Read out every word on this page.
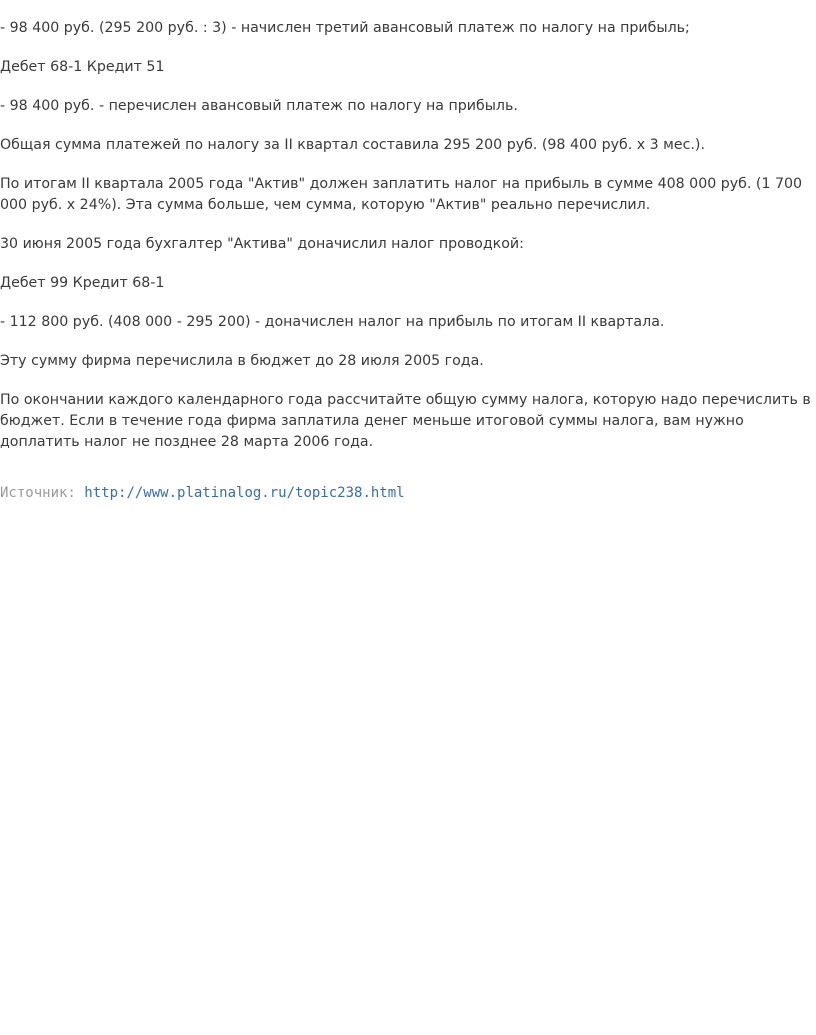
- 98 400 руб. (295 200 руб. : 3) - начислен третий авансовый платеж по налогу на прибыль;

Дебет 68-1 Кредит 51

- 98 400 руб. - перечислен авансовый платеж по налогу на прибыль.

Общая сумма платежей по налогу за II квартал составила 295 200 руб. (98 400 руб. x 3 мес.).

По итогам II квартала 2005 года "Актив" должен заплатить налог на прибыль в сумме 408 000 руб. (1 700 000 руб. x 24%). Эта сумма больше, чем сумма, которую "Актив" реально перечислил.

30 июня 2005 года бухгалтер "Актива" доначислил налог проводкой:

Дебет 99 Кредит 68-1

- 112 800 руб. (408 000 - 295 200) - доначислен налог на прибыль по итогам II квартала.

Эту сумму фирма перечислила в бюджет до 28 июля 2005 года.

По окончании каждого календарного года рассчитайте общую сумму налога, которую надо перечислить в бюджет. Если в течение года фирма заплатила денег меньше итоговой суммы налога, вам нужно доплатить налог не позднее 28 марта 2006 года.

Источник: http://www.platinalog.ru/topic238.html
